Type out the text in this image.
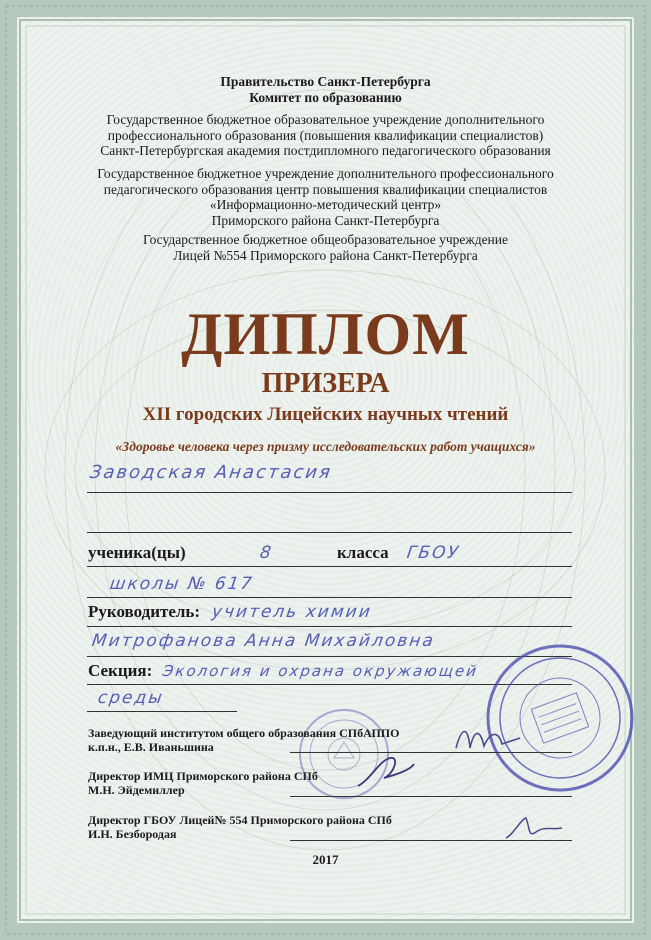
Правительство Санкт-Петербурга

Комитет по образованию

Государственное бюджетное образовательное учреждение дополнительного

профессионального образования (повышения квалификации специалистов)

Санкт-Петербургская академия постдипломного педагогического образования

Государственное бюджетное учреждение дополнительного профессионального

педагогического образования центр повышения квалификации специалистов

«Информационно-методический центр»

Приморского района Санкт-Петербурга

Государственное бюджетное общеобразовательное учреждение

Лицей №554 Приморского района Санкт-Петербурга

ДИПЛОМ
ПРИЗЕРА
XII городских Лицейских научных чтений
«Здоровье человека через призму исследовательских работ учащихся»
Заводская Анастасия
ученика(цы)	8	класса ГБОУ
школы № 617
Руководитель: учитель химии
Митрофанова Анна Михайловна
Секция: Экология и охрана окружающей
среды

Заведующий институтом общего образования СПбАППО

к.п.н., Е.В. Иваньшина

Директор ИМЦ Приморского района СПб

М.Н. Эйдемиллер

Директор ГБОУ Лицей№ 554 Приморского района СПб

И.Н. Безбородая

2017
